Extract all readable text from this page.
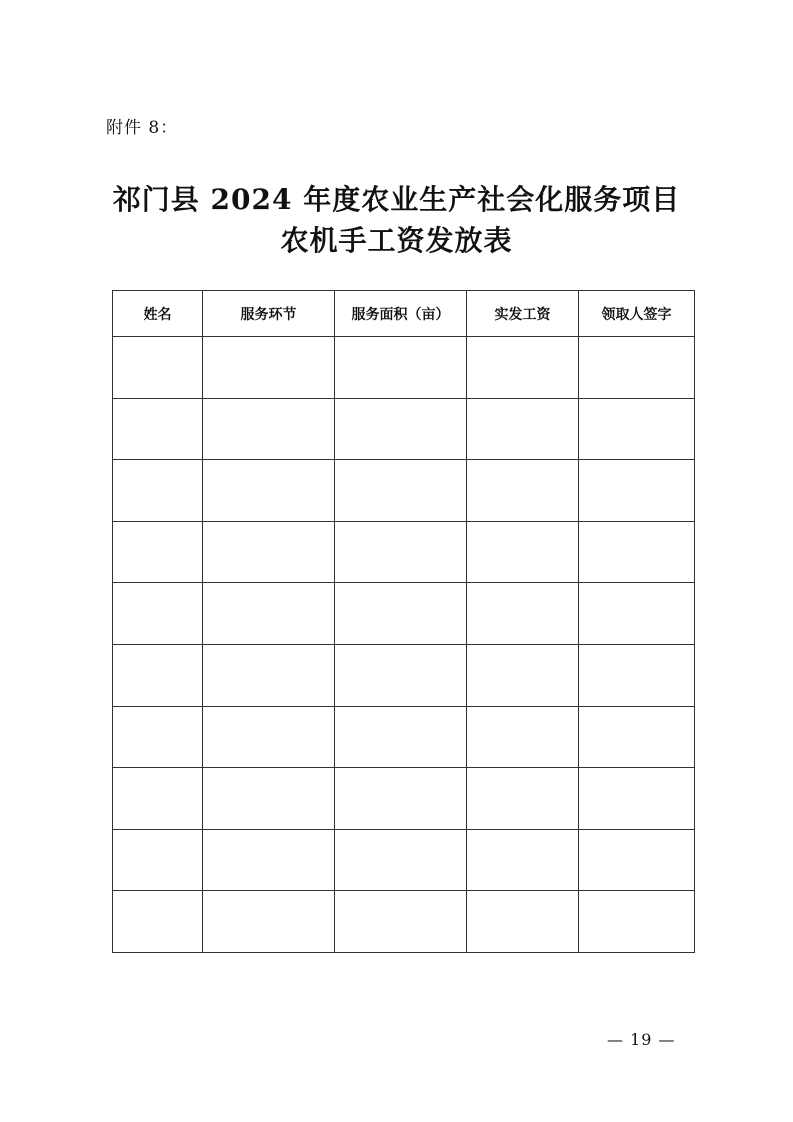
附件 8：
祁门县 2024 年度农业生产社会化服务项目
农机手工资发放表
姓名	服务环节	服务面积（亩）	实发工资	领取人签字

— 19 —
